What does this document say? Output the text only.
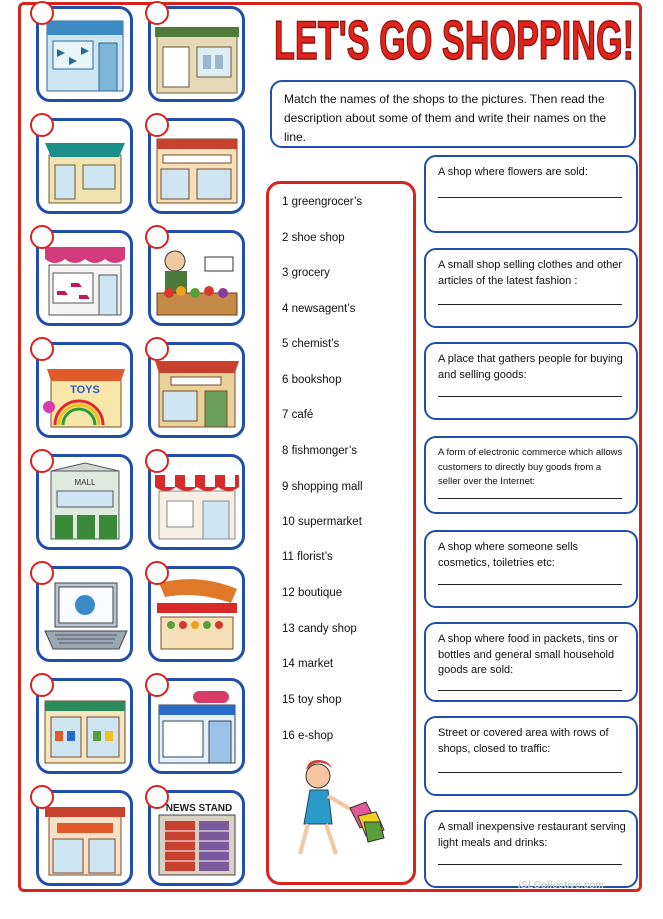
TOYS
MALL
NEWS STAND
LET'S GO SHOPPING!
Match the names of the shops to the pictures. Then read the description about some of them and write their names on the line.
1 greengrocer’s
2 shoe shop
3 grocery
4 newsagent’s
5 chemist’s
6 bookshop
7 café
8 fishmonger’s
9 shopping mall
10 supermarket
11 florist’s
12 boutique
13 candy shop
14 market
15 toy shop
16 e-shop
A shop where flowers are sold:
A small shop selling clothes and other articles of the latest fashion :
A place that gathers people for buying and selling goods:
A form of electronic commerce which allows customers to directly buy goods from a seller over the Internet:
A shop where someone sells cosmetics, toiletries etc:
A shop where food in packets, tins or bottles and general small household goods are sold:
Street or covered area with rows of shops, closed to traffic:
A small inexpensive restaurant serving light meals and drinks:
iSLCollective.com
